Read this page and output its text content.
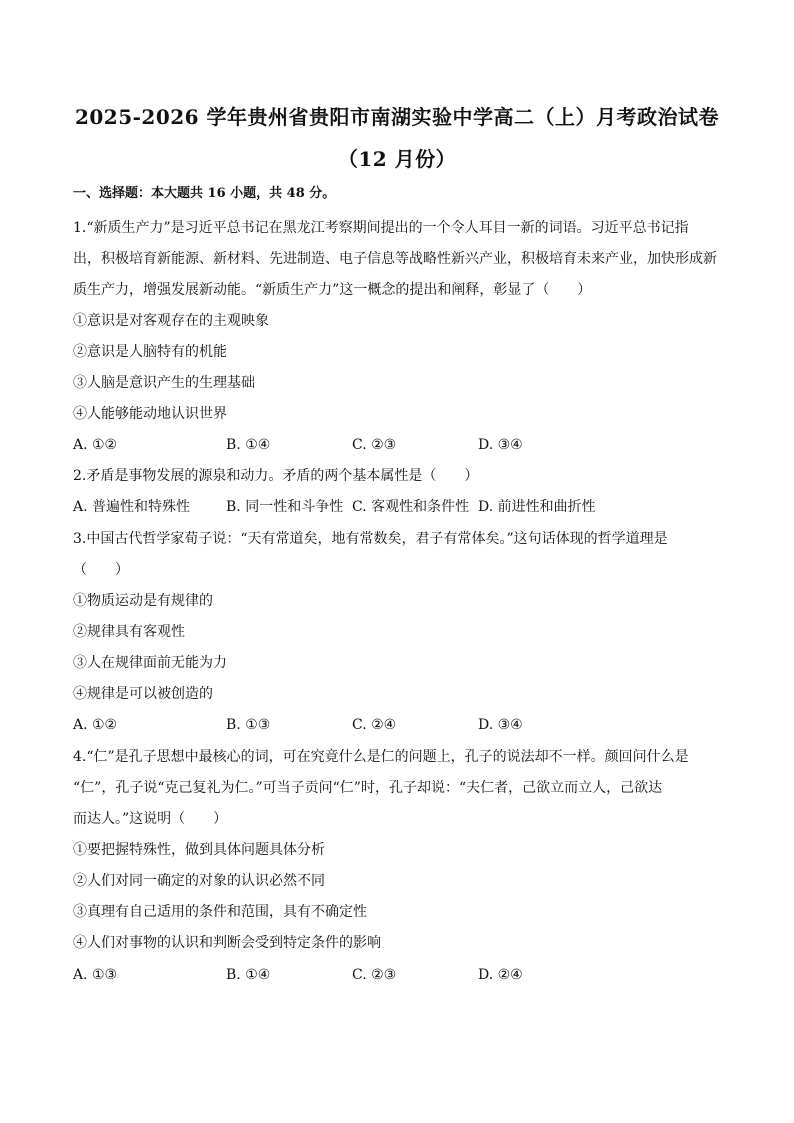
2025-2026 学年贵州省贵阳市南湖实验中学高二（上）月考政治试卷
（12 月份）
一、选择题：本大题共 16 小题，共 48 分。
1.“新质生产力”是习近平总书记在黑龙江考察期间提出的一个令人耳目一新的词语。习近平总书记指
出，积极培育新能源、新材料、先进制造、电子信息等战略性新兴产业，积极培育未来产业，加快形成新
质生产力，增强发展新动能。“新质生产力”这一概念的提出和阐释，彰显了（　　）
①意识是对客观存在的主观映象
②意识是人脑特有的机能
③人脑是意识产生的生理基础
④人能够能动地认识世界
A. ①②	B. ①④	C. ②③	D. ③④
2.矛盾是事物发展的源泉和动力。矛盾的两个基本属性是（　　）
A. 普遍性和特殊性	B. 同一性和斗争性 C. 客观性和条件性 D. 前进性和曲折性
3.中国古代哲学家荀子说：“天有常道矣，地有常数矣，君子有常体矣。”这句话体现的哲学道理是
（　　）
①物质运动是有规律的
②规律具有客观性
③人在规律面前无能为力
④规律是可以被创造的
A. ①②	B. ①③	C. ②④	D. ③④
4.“仁”是孔子思想中最核心的词，可在究竟什么是仁的问题上，孔子的说法却不一样。颜回问什么是
“仁”，孔子说“克己复礼为仁。”可当子贡问“仁”时，孔子却说：“夫仁者，己欲立而立人，己欲达
而达人。”这说明（　　）
①要把握特殊性，做到具体问题具体分析
②人们对同一确定的对象的认识必然不同
③真理有自己适用的条件和范围，具有不确定性
④人们对事物的认识和判断会受到特定条件的影响
A. ①③	B. ①④	C. ②③	D. ②④
